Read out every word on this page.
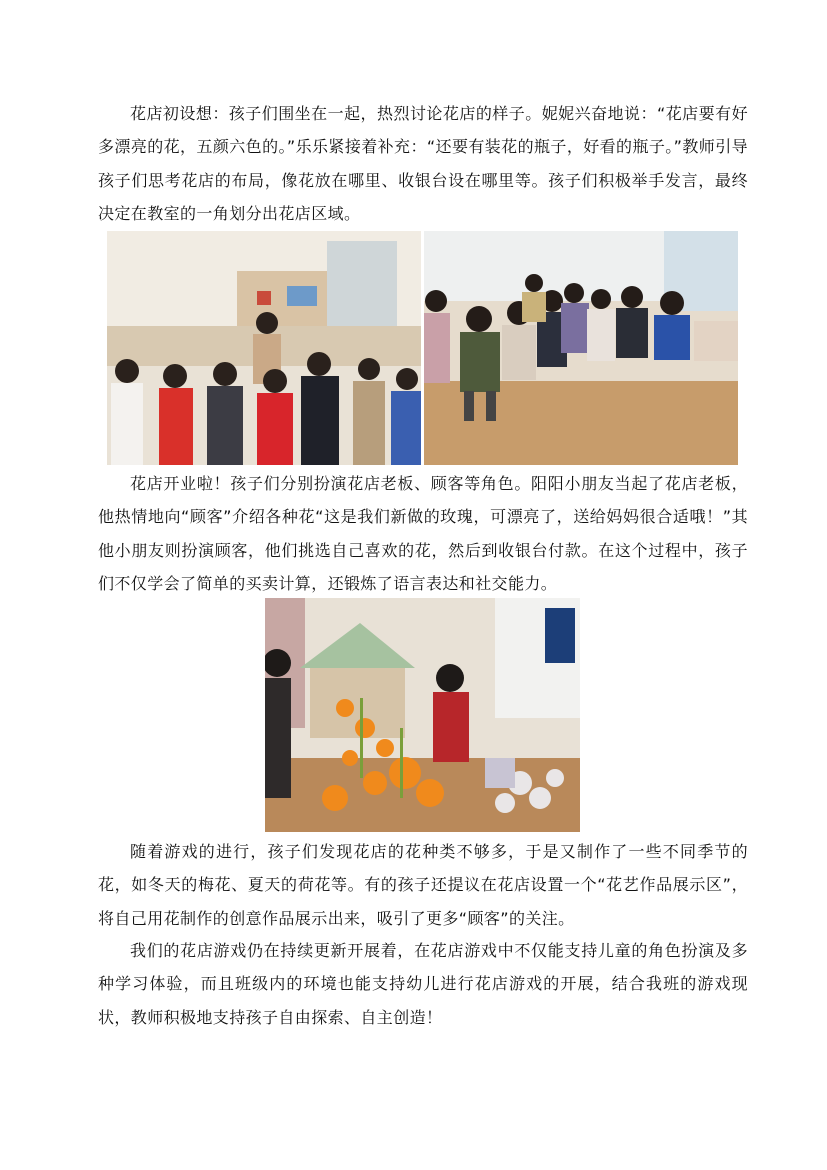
花店初设想：孩子们围坐在一起，热烈讨论花店的样子。妮妮兴奋地说：“花店要有好多漂亮的花，五颜六色的。”乐乐紧接着补充：“还要有装花的瓶子，好看的瓶子。”教师引导孩子们思考花店的布局，像花放在哪里、收银台设在哪里等。孩子们积极举手发言，最终决定在教室的一角划分出花店区域。

花店开业啦！孩子们分别扮演花店老板、顾客等角色。阳阳小朋友当起了花店老板，他热情地向“顾客”介绍各种花“这是我们新做的玫瑰，可漂亮了，送给妈妈很合适哦！”其他小朋友则扮演顾客，他们挑选自己喜欢的花，然后到收银台付款。在这个过程中，孩子们不仅学会了简单的买卖计算，还锻炼了语言表达和社交能力。

随着游戏的进行，孩子们发现花店的花种类不够多，于是又制作了一些不同季节的花，如冬天的梅花、夏天的荷花等。有的孩子还提议在花店设置一个“花艺作品展示区”，将自己用花制作的创意作品展示出来，吸引了更多“顾客”的关注。

我们的花店游戏仍在持续更新开展着，在花店游戏中不仅能支持儿童的角色扮演及多种学习体验，而且班级内的环境也能支持幼儿进行花店游戏的开展，结合我班的游戏现状，教师积极地支持孩子自由探索、自主创造！
